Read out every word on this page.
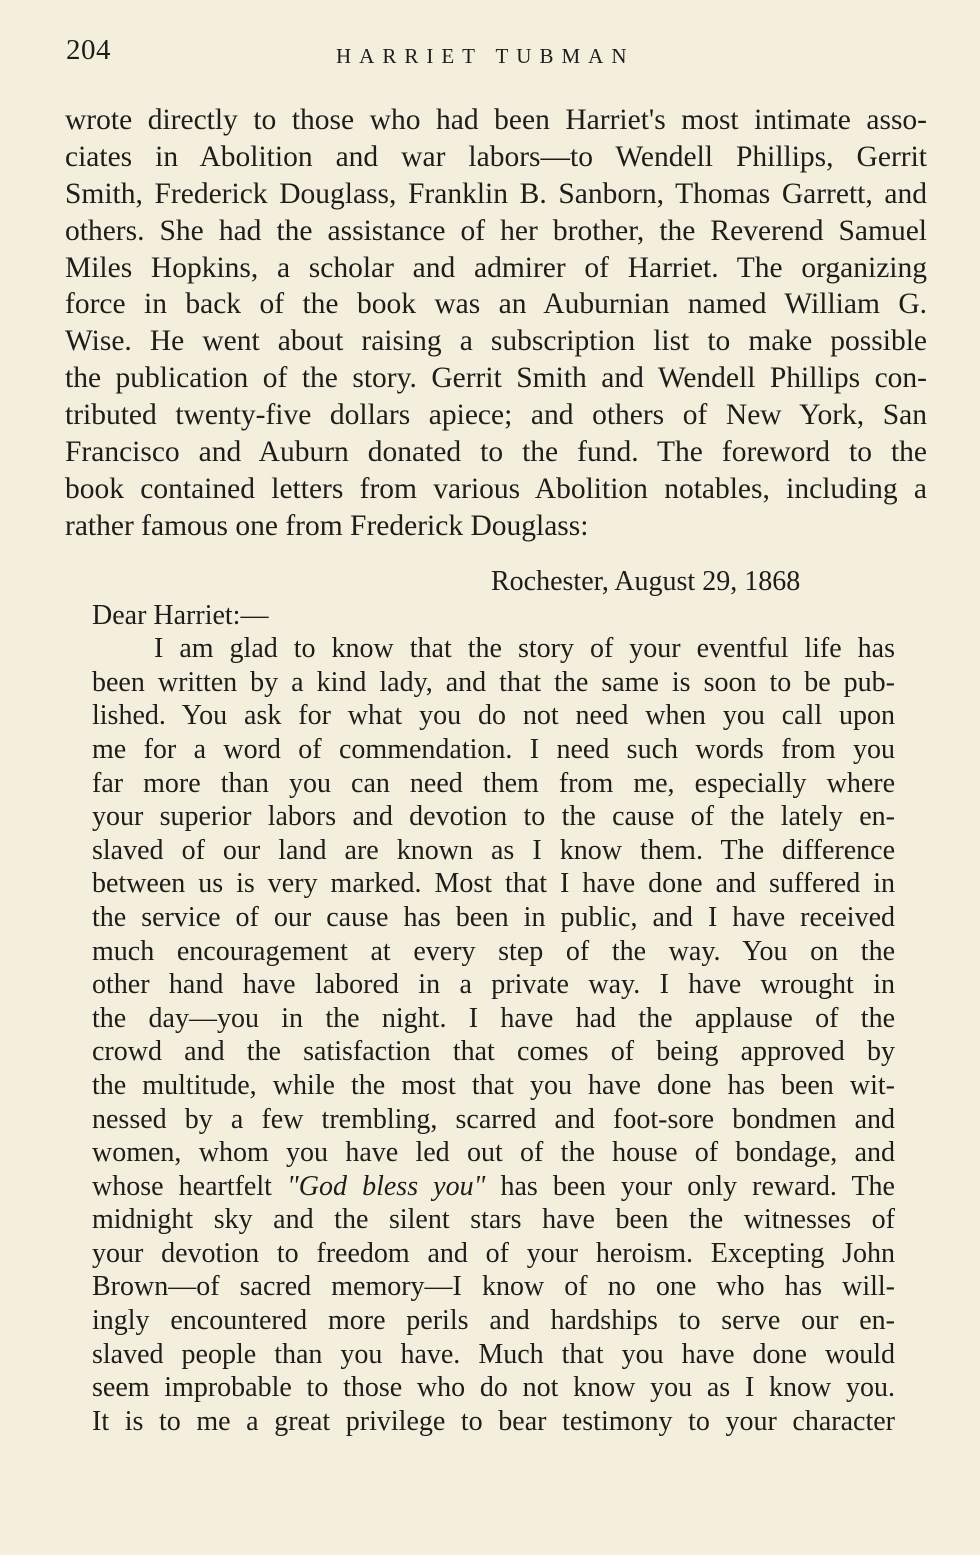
204	HARRIET TUBMAN
wrote directly to those who had been Harriet's most intimate asso-
ciates in Abolition and war labors—to Wendell Phillips, Gerrit
Smith, Frederick Douglass, Franklin B. Sanborn, Thomas Garrett, and
others. She had the assistance of her brother, the Reverend Samuel
Miles Hopkins, a scholar and admirer of Harriet. The organizing
force in back of the book was an Auburnian named William G.
Wise. He went about raising a subscription list to make possible
the publication of the story. Gerrit Smith and Wendell Phillips con-
tributed twenty-five dollars apiece; and others of New York, San
Francisco and Auburn donated to the fund. The foreword to the
book contained letters from various Abolition notables, including a
rather famous one from Frederick Douglass:
Rochester, August 29, 1868
Dear Harriet:—
I am glad to know that the story of your eventful life has
been written by a kind lady, and that the same is soon to be pub-
lished. You ask for what you do not need when you call upon
me for a word of commendation. I need such words from you
far more than you can need them from me, especially where
your superior labors and devotion to the cause of the lately en-
slaved of our land are known as I know them. The difference
between us is very marked. Most that I have done and suffered in
the service of our cause has been in public, and I have received
much encouragement at every step of the way. You on the
other hand have labored in a private way. I have wrought in
the day—you in the night. I have had the applause of the
crowd and the satisfaction that comes of being approved by
the multitude, while the most that you have done has been wit-
nessed by a few trembling, scarred and foot-sore bondmen and
women, whom you have led out of the house of bondage, and
whose heartfelt "God bless you" has been your only reward. The
midnight sky and the silent stars have been the witnesses of
your devotion to freedom and of your heroism. Excepting John
Brown—of sacred memory—I know of no one who has will-
ingly encountered more perils and hardships to serve our en-
slaved people than you have. Much that you have done would
seem improbable to those who do not know you as I know you.
It is to me a great privilege to bear testimony to your character
